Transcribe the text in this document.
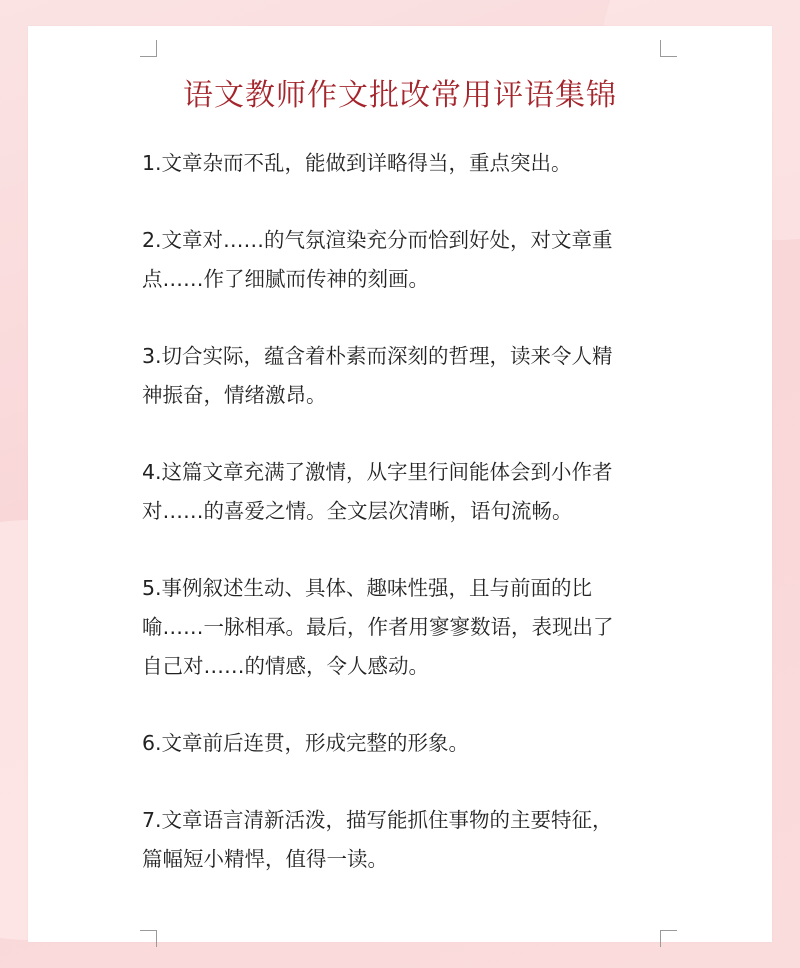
语文教师作文批改常用评语集锦
1.文章杂而不乱，能做到详略得当，重点突出。
2.文章对……的气氛渲染充分而恰到好处，对文章重
点……作了细腻而传神的刻画。
3.切合实际，蕴含着朴素而深刻的哲理，读来令人精
神振奋，情绪激昂。
4.这篇文章充满了激情，从字里行间能体会到小作者
对……的喜爱之情。全文层次清晰，语句流畅。
5.事例叙述生动、具体、趣味性强，且与前面的比
喻……一脉相承。最后，作者用寥寥数语，表现出了
自己对……的情感，令人感动。
6.文章前后连贯，形成完整的形象。
7.文章语言清新活泼，描写能抓住事物的主要特征，
篇幅短小精悍，值得一读。
